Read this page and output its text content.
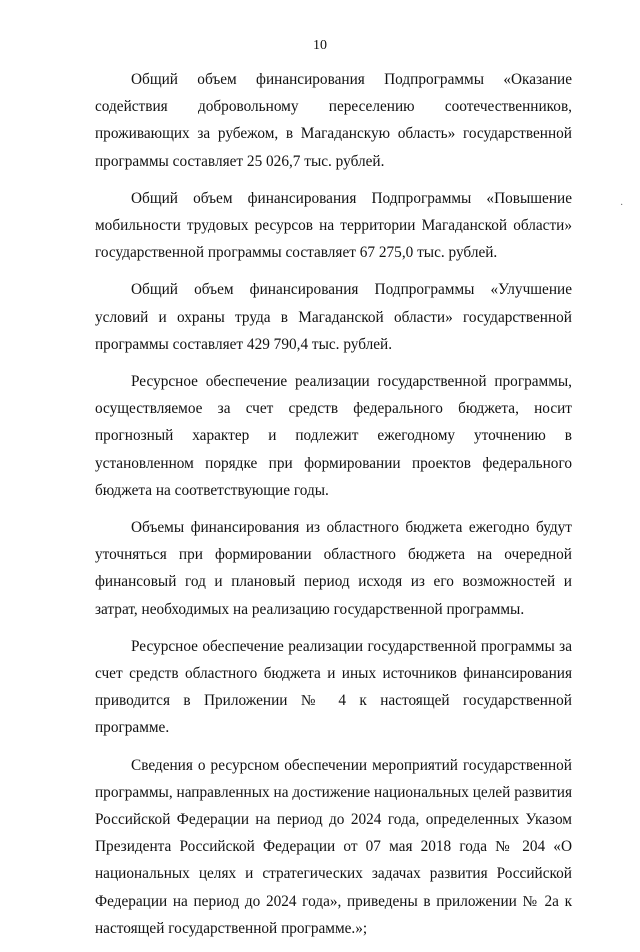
10
·

Общий объем финансирования Подпрограммы «Оказание содействия добровольному переселению соотечественников, проживающих за рубежом, в Магаданскую область» государственной программы составляет 25 026,7 тыс. рублей.

Общий объем финансирования Подпрограммы «Повышение мобильности трудовых ресурсов на территории Магаданской области» государственной программы составляет 67 275,0 тыс. рублей.

Общий объем финансирования Подпрограммы «Улучшение условий и охраны труда в Магаданской области» государственной программы составляет 429 790,4 тыс. рублей.

Ресурсное обеспечение реализации государственной программы, осуществляемое за счет средств федерального бюджета, носит прогнозный характер и подлежит ежегодному уточнению в установленном порядке при формировании проектов федерального бюджета на соответствующие годы.

Объемы финансирования из областного бюджета ежегодно будут уточняться при формировании областного бюджета на очередной финансовый год и плановый период исходя из его возможностей и затрат, необходимых на реализацию государственной программы.

Ресурсное обеспечение реализации государственной программы за счет средств областного бюджета и иных источников финансирования приводится в Приложении № 4 к настоящей государственной программе.

Сведения о ресурсном обеспечении мероприятий государственной программы, направленных на достижение национальных целей развития Российской Федерации на период до 2024 года, определенных Указом Президента Российской Федерации от 07 мая 2018 года № 204 «О национальных целях и стратегических задачах развития Российской Федерации на период до 2024 года», приведены в приложении № 2а к настоящей государственной программе.»;
